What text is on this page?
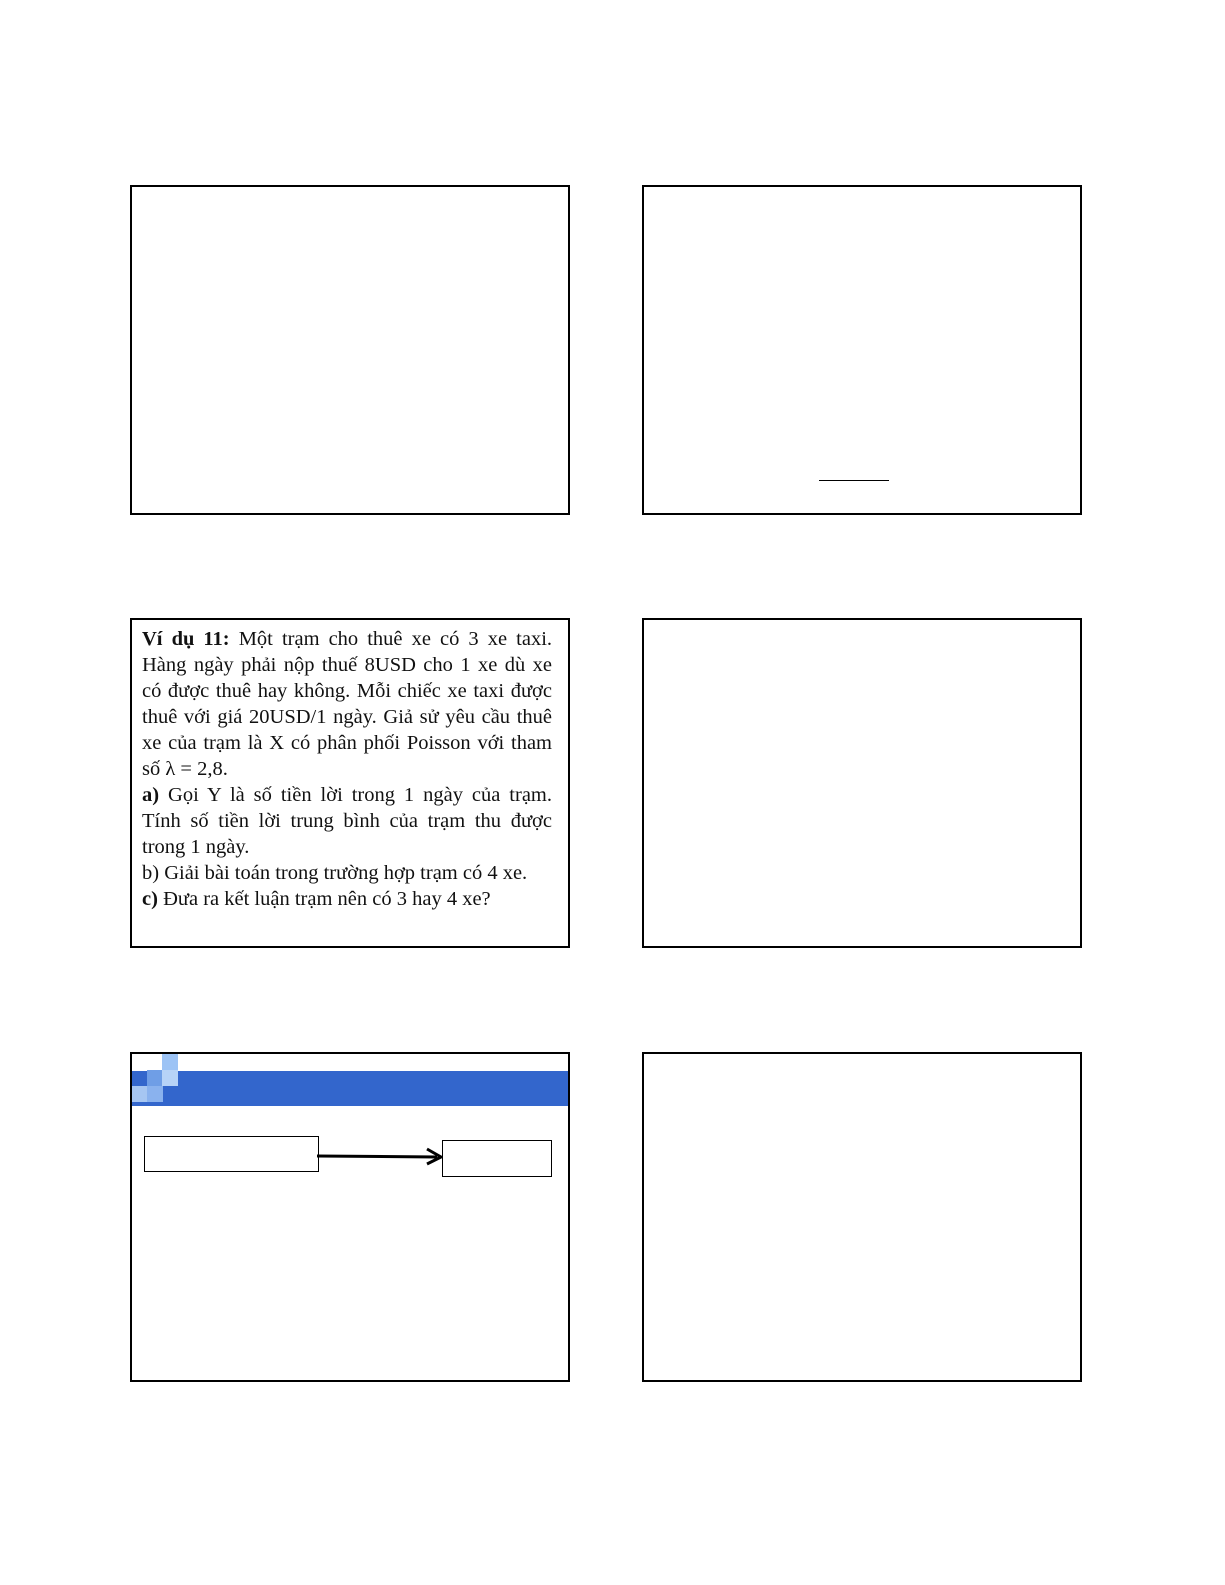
Ví dụ 11: Một trạm cho thuê xe có 3 xe taxi. Hàng ngày phải nộp thuế 8USD cho 1 xe dù xe có được thuê hay không. Mỗi chiếc xe taxi được thuê với giá 20USD/1 ngày. Giả sử yêu cầu thuê xe của trạm là X có phân phối Poisson với tham số λ = 2,8.

a) Gọi Y là số tiền lời trong 1 ngày của trạm. Tính số tiền lời trung bình của trạm thu được trong 1 ngày.

b) Giải bài toán trong trường hợp trạm có 4 xe.

c) Đưa ra kết luận trạm nên có 3 hay 4 xe?
